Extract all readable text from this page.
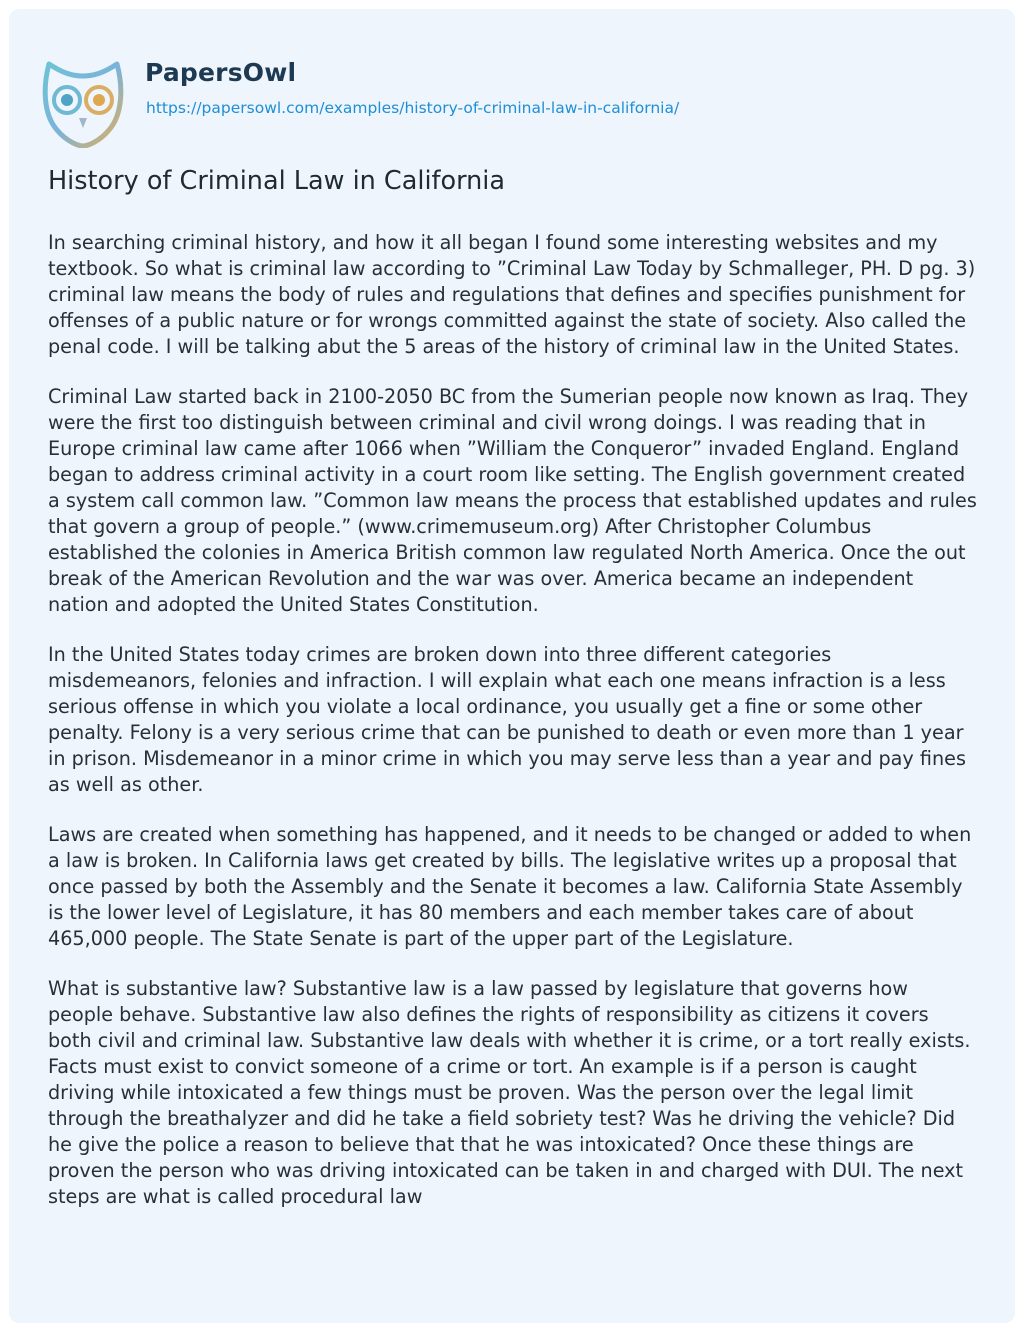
PapersOwl
https://papersowl.com/examples/history-of-criminal-law-in-california/
History of Criminal Law in California

In searching criminal history, and how it all began I found some interesting websites and my textbook. So what is criminal law according to ”Criminal Law Today by Schmalleger, PH. D pg. 3) criminal law means the body of rules and regulations that defines and specifies punishment for offenses of a public nature or for wrongs committed against the state of society. Also called the penal code. I will be talking abut the 5 areas of the history of criminal law in the United States.

Criminal Law started back in 2100-2050 BC from the Sumerian people now known as Iraq. They were the first too distinguish between criminal and civil wrong doings. I was reading that in Europe criminal law came after 1066 when ”William the Conqueror” invaded England. England began to address criminal activity in a court room like setting. The English government created a system call common law. ”Common law means the process that established updates and rules that govern a group of people.” (www.crimemuseum.org) After Christopher Columbus established the colonies in America British common law regulated North America. Once the out break of the American Revolution and the war was over. America became an independent nation and adopted the United States Constitution.

In the United States today crimes are broken down into three different categories misdemeanors, felonies and infraction. I will explain what each one means infraction is a less serious offense in which you violate a local ordinance, you usually get a fine or some other penalty. Felony is a very serious crime that can be punished to death or even more than 1 year in prison. Misdemeanor in a minor crime in which you may serve less than a year and pay fines as well as other.

Laws are created when something has happened, and it needs to be changed or added to when a law is broken. In California laws get created by bills. The legislative writes up a proposal that once passed by both the Assembly and the Senate it becomes a law. California State Assembly is the lower level of Legislature, it has 80 members and each member takes care of about 465,000 people. The State Senate is part of the upper part of the Legislature.

What is substantive law? Substantive law is a law passed by legislature that governs how people behave. Substantive law also defines the rights of responsibility as citizens it covers both civil and criminal law. Substantive law deals with whether it is crime, or a tort really exists. Facts must exist to convict someone of a crime or tort. An example is if a person is caught driving while intoxicated a few things must be proven. Was the person over the legal limit through the breathalyzer and did he take a field sobriety test? Was he driving the vehicle? Did he give the police a reason to believe that that he was intoxicated? Once these things are proven the person who was driving intoxicated can be taken in and charged with DUI. The next steps are what is called procedural law
